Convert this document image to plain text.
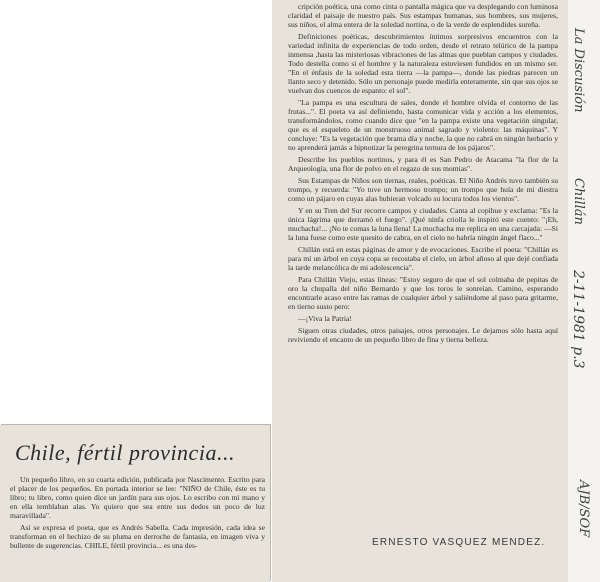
cripción poética, una como cinta o pantalla mágica que va desplegando con luminosa claridad el paisaje de nuestro país. Sus estampas humanas, sus hombres, sus mujeres, sus niños, el alma entera de la soledad nortina, o de la verde de esplendides sureña.

Definiciones poéticas, descubrimientos íntimos sorpresivos encuentros con la variedad infinita de experiencias de todo orden, desde el retrato telúrico de la pampa inmensa ,hasta las misteriosas vibraciones de las almas que pueblan campos y ciudades. Todo destella como si el hombre y la naturaleza estuviesen fundidos en un mismo ser. "En el énfasis de la soledad esta tierra —la pampa—, donde las piedras parecen un llanto seco y detenido. Sólo un personaje puede medirla enteramente, sin que sus ojos se vuelvan dos cuencos de espanto: el sol".

"La pampa es una escultura de sales, donde el hombre olvida el contorno de las frutas...". El poeta va así definiendo, hasta comunicar vida y acción a los elementos, transformándolos, como cuando dice que "en la pampa existe una vegetación singular, que es el esqueleto de un monstruoso animal sagrado y violento: las máquinas". Y concluye: "Es la vegetación que brama día y noche, la que no cabrá en ningún herbario y no aprenderá jamás a hipnotizar la peregrina ternura de los pájaros".

Describe los pueblos nortinos, y para él es San Pedro de Atacama "la flor de la Arqueología, una flor de polvo en el regazo de sus momias".

Sus Estampas de Niños son tiernas, reales, poéticas. El Niño Andrés tuvo también su trompo, y recuerda: "Yo tuve un hermoso trompo; un trompo que huía de mi diestra como un pájaro en cuyas alas hubieran volcado su locura todos los vientos".

Y en su Tren del Sur recorre campos y ciudades. Canta al copihue y exclama: "Es la única lágrima que derramó el fuego". ¡Qué ninfa criolla le inspiró este cuento: "¡Eh, muchacha!... ¡No te comas la luna llena! La muchacha me replica en una carcajada: —Si la luna fuese como este quesito de cabra, en el cielo no habría ningún ángel flaco..."

Chillán está en estas páginas de amor y de evocaciones. Escribe el poeta: "Chillán es para mí un árbol en cuya copa se recostaba el cielo, un árbol añoso al que dejé confiada la tarde melancólica de mi adolescencia".

Para Chillán Viejo, estas líneas: "Estoy seguro de que el sol colmaba de pepitas de oro la chupalla del niño Bernardo y que los toros le sonreían. Camino, esperando encontrarle acaso entre las ramas de cualquier árbol y saliéndome al paso para gritarme, en tierno susto pero:

—¡Viva la Patria!

Siguen otras ciudades, otros paisajes, otros personajes. Le dejamos sólo hasta aquí reviviendo el encanto de un pequeño libro de fina y tierna belleza.

ERNESTO VASQUEZ MENDEZ.
Chile, fértil provincia...

Un pequeño libro, en su cuarta edición, publicada por Nascimento. Escrito para el placer de los pequeños. En portada interior se lee: "NIÑO de Chile, éste es tu libro; tu libro, como quien dice un jardín para sus ojos. Lo escribo con mi mano y en ella temblaban alas. Yo quiero que sea entre sus dedos un poco de luz maravillada".

Así se expresa el poeta, que es Andrés Sabella. Cada impresión, cada idea se transforman en el hechizo de su pluma en derroche de fantasía, en imagen viva y bullente de sugerencias. CHILE, fértil provincia... es una des-

La Discusión
Chillán
2-11-1981 p.3
AJB/SOF
